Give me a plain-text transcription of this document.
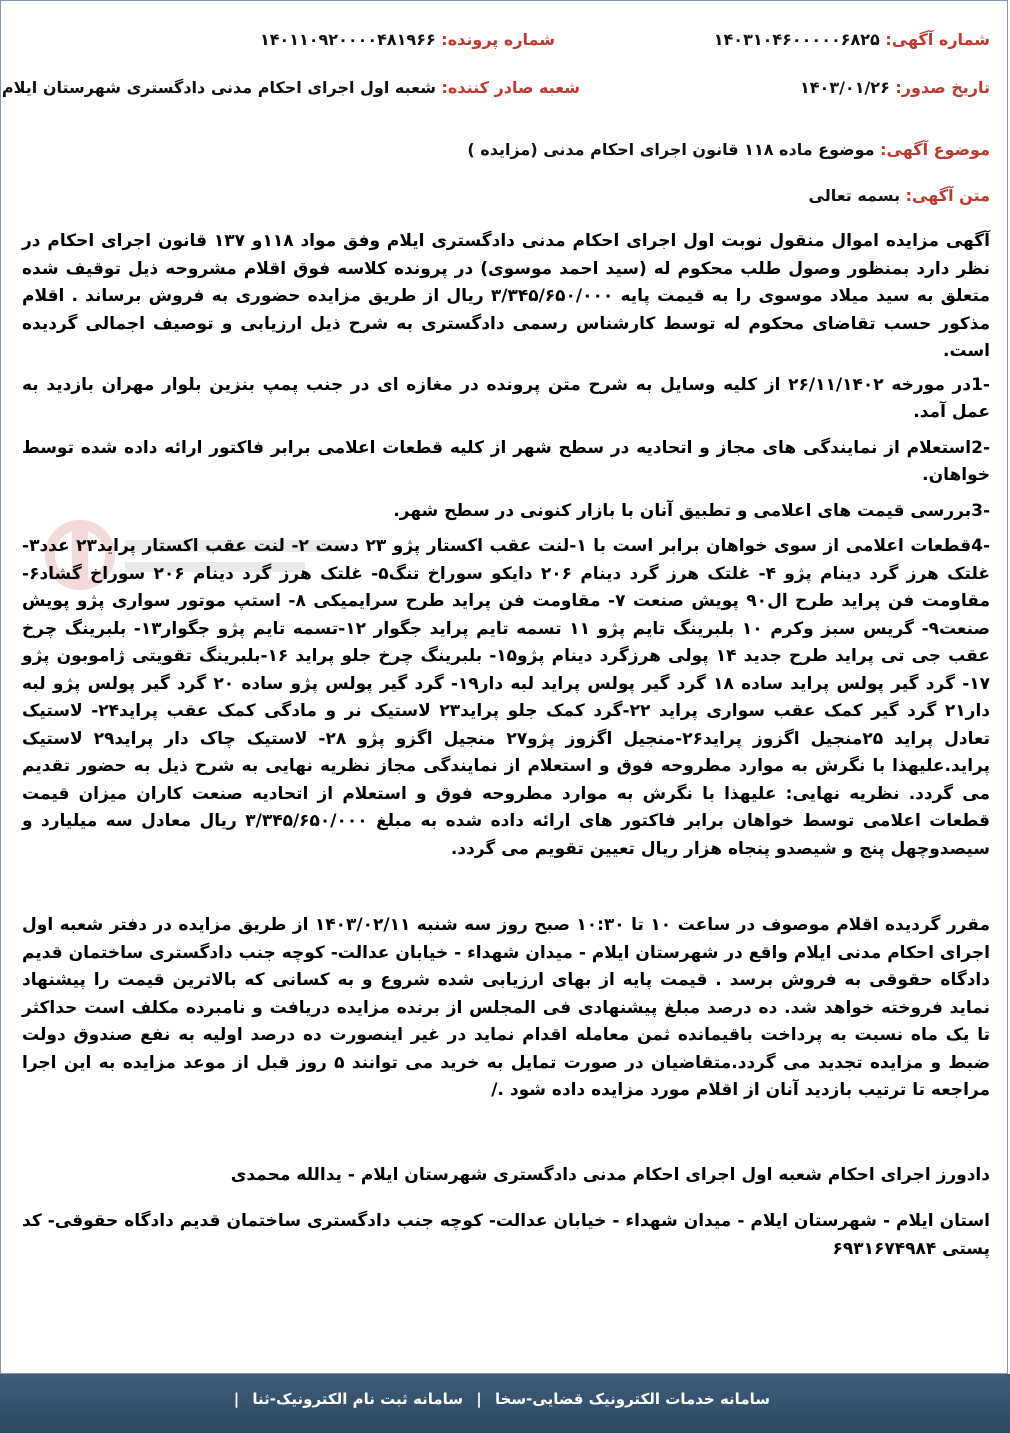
شماره آگهی: ۱۴۰۳۱۰۴۶۰۰۰۰۰۶۸۲۵
شماره پرونده: ۱۴۰۱۱۰۹۲۰۰۰۰۴۸۱۹۶۶
تاریخ صدور: ۱۴۰۳/۰۱/۲۶
شعبه صادر کننده: شعبه اول اجرای احکام مدنی دادگستری شهرستان ایلام
موضوع آگهی: موضوع ماده ۱۱۸ قانون اجرای احکام مدنی (مزایده )
متن آگهی: بسمه تعالی

آگهی مزایده اموال منقول نوبت اول اجرای احکام مدنی دادگستری ایلام وفق مواد ۱۱۸و ۱۳۷ قانون اجرای احکام در نظر دارد بمنظور وصول طلب محکوم له (سید احمد موسوی) در پرونده کلاسه فوق اقلام مشروحه ذیل توقیف شده متعلق به سید میلاد موسوی را به قیمت پایه ۳/۳۴۵/۶۵۰/۰۰۰ ریال از طریق مزایده حضوری به فروش برساند . اقلام مذکور حسب تقاضای محکوم له توسط کارشناس رسمی دادگستری به شرح ذیل ارزیابی و توصیف اجمالی گردیده است.

-1در مورخه ۲۶/۱۱/۱۴۰۲ از کلیه وسایل به شرح متن پرونده در مغازه ای در جنب پمپ بنزین بلوار مهران بازدید به عمل آمد.

-2استعلام از نمایندگی های مجاز و اتحادیه در سطح شهر از کلیه قطعات اعلامی برابر فاکتور ارائه داده شده توسط خواهان.

-3بررسی قیمت های اعلامی و تطبیق آنان با بازار کنونی در سطح شهر.

-4قطعات اعلامی از سوی خواهان برابر است با ۱-لنت عقب اکستار پژو ۲۳ دست ۲- لنت عقب اکستار پراید۲۳ عدد۳- غلتک هرز گرد دینام پژو ۴- غلتک هرز گرد دینام ۲۰۶ دایکو سوراخ تنگ۵- غلتک هرز گرد دینام ۲۰۶ سوراخ گشاد۶- مقاومت فن پراید طرح ال۹۰ پویش صنعت ۷- مقاومت فن پراید طرح سرایمیکی ۸- استپ موتور سواری پژو پویش صنعت۹- گریس سبز وکرم ۱۰ بلبرینگ تایم پژو ۱۱ تسمه تایم پراید جگوار ۱۲-تسمه تایم پژو جگوار۱۳- بلبرینگ چرخ عقب جی تی پراید طرح جدید ۱۴ پولی هرزگرد دینام پژو۱۵- بلبرینگ چرخ جلو پراید ۱۶-بلبرینگ تقویتی ژاموبون پژو ۱۷- گرد گیر پولس پراید ساده ۱۸ گرد گیر پولس پراید لبه دار۱۹- گرد گیر پولس پژو ساده ۲۰ گرد گیر پولس پژو لبه دار۲۱ گرد گیر کمک عقب سواری پراید ۲۲-گرد کمک جلو پراید۲۳ لاستیک نر و مادگی کمک عقب پراید۲۴- لاستیک تعادل پراید ۲۵منجیل اگزوز پراید۲۶-منجیل اگزوز پژو۲۷ منجیل اگزو پژو ۲۸- لاستیک چاک دار پراید۲۹ لاستیک پراید.علیهذا با نگرش به موارد مطروحه فوق و استعلام از نمایندگی مجاز نظریه نهایی به شرح ذیل به حضور تقدیم می گردد. نظریه نهایی: علیهذا با نگرش به موارد مطروحه فوق و استعلام از اتحادیه صنعت کاران میزان قیمت قطعات اعلامی توسط خواهان برابر فاکتور های ارائه داده شده به مبلغ ۳/۳۴۵/۶۵۰/۰۰۰ ریال معادل سه میلیارد و سیصدوچهل پنج و شیصدو پنجاه هزار ریال تعیین تقویم می گردد.

مقرر گردیده اقلام موصوف در ساعت ۱۰ تا ۱۰:۳۰ صبح روز سه شنبه ۱۴۰۳/۰۲/۱۱ از طریق مزایده در دفتر شعبه اول اجرای احکام مدنی ایلام واقع در شهرستان ایلام - میدان شهداء - خیابان عدالت- کوچه جنب دادگستری ساختمان قدیم دادگاه حقوقی به فروش برسد . قیمت پایه از بهای ارزیابی شده شروع و به کسانی که بالاترین قیمت را پیشنهاد نماید فروخته خواهد شد. ده درصد مبلغ پیشنهادی فی المجلس از برنده مزایده دریافت و نامبرده مکلف است حداکثر تا یک ماه نسبت به پرداخت باقیمانده ثمن معامله اقدام نماید در غیر اینصورت ده درصد اولیه به نفع صندوق دولت ضبط و مزایده تجدید می گردد.متقاضیان در صورت تمایل به خرید می توانند ۵ روز قبل از موعد مزایده به این اجرا مراجعه تا ترتیب بازدید آنان از اقلام مورد مزایده داده شود ./

دادورز اجرای احکام شعبه اول اجرای احکام مدنی دادگستری شهرستان ایلام - یدالله محمدی

استان ایلام - شهرستان ایلام - میدان شهداء - خیابان عدالت- کوچه جنب دادگستری ساختمان قدیم دادگاه حقوقی- کد پستی ۶۹۳۱۶۷۴۹۸۴

سامانه خدمات الکترونیک قضایی-سخا | سامانه ثبت نام الکترونیک-ثنا |
